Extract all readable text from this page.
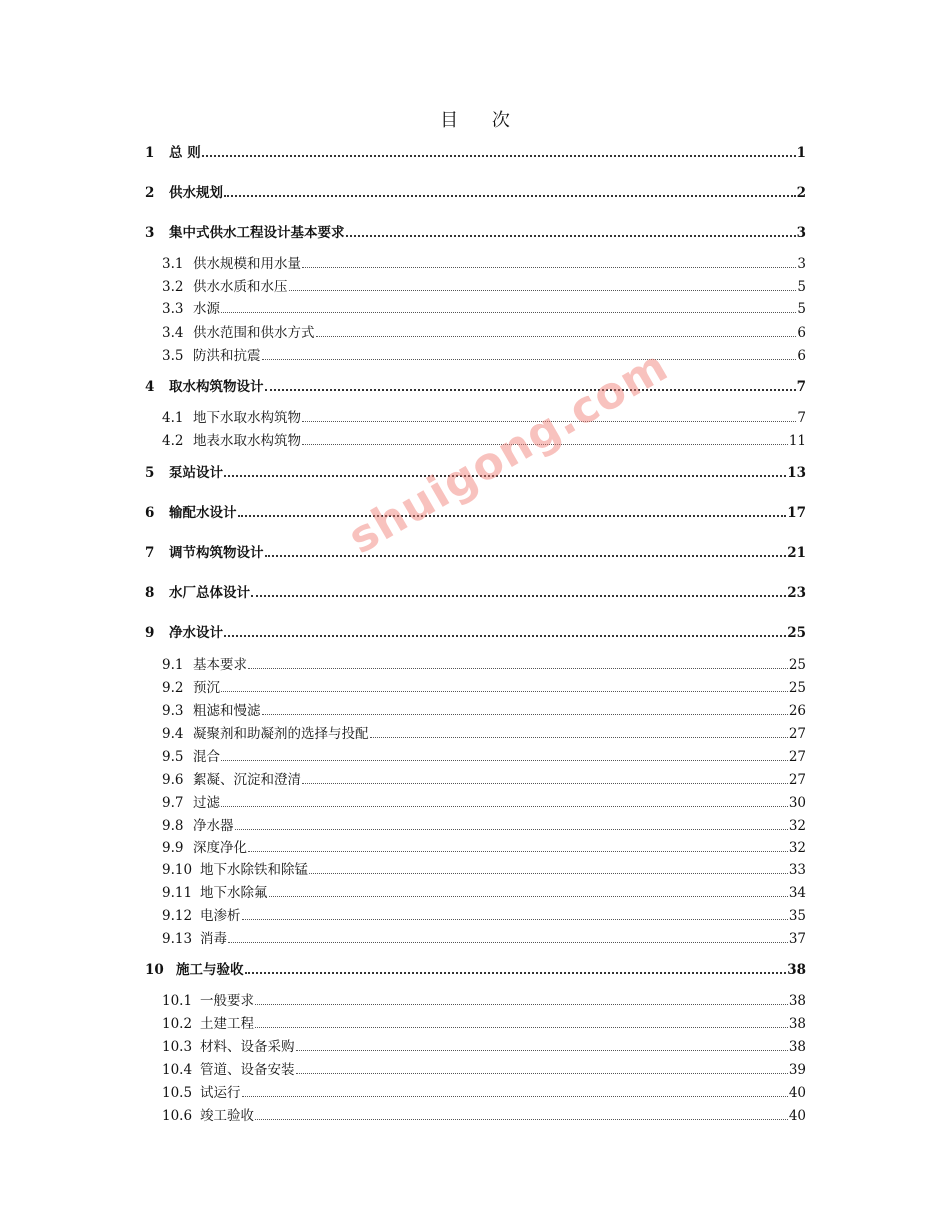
目 次
1	总 则	1
2	供水规划	2
3	集中式供水工程设计基本要求	3
3.1 供水规模和用水量	3
3.2 供水水质和水压	5
3.3 水源	5
3.4 供水范围和供水方式	6
3.5 防洪和抗震	6
4	取水构筑物设计	7
4.1 地下水取水构筑物	7
4.2 地表水取水构筑物	11
5	泵站设计	13
6	输配水设计	17
7	调节构筑物设计	21
8	水厂总体设计	23
9	净水设计	25
9.1 基本要求	25
9.2 预沉	25
9.3 粗滤和慢滤	26
9.4 凝聚剂和助凝剂的选择与投配	27
9.5 混合	27
9.6 絮凝、沉淀和澄清	27
9.7 过滤	30
9.8 净水器	32
9.9 深度净化	32
9.10 地下水除铁和除锰	33
9.11 地下水除氟	34
9.12 电渗析	35
9.13 消毒	37
10 施工与验收	38
10.1 一般要求	38
10.2 土建工程	38
10.3 材料、设备采购	38
10.4 管道、设备安装	39
10.5 试运行	40
10.6 竣工验收	40
shuigong.com
